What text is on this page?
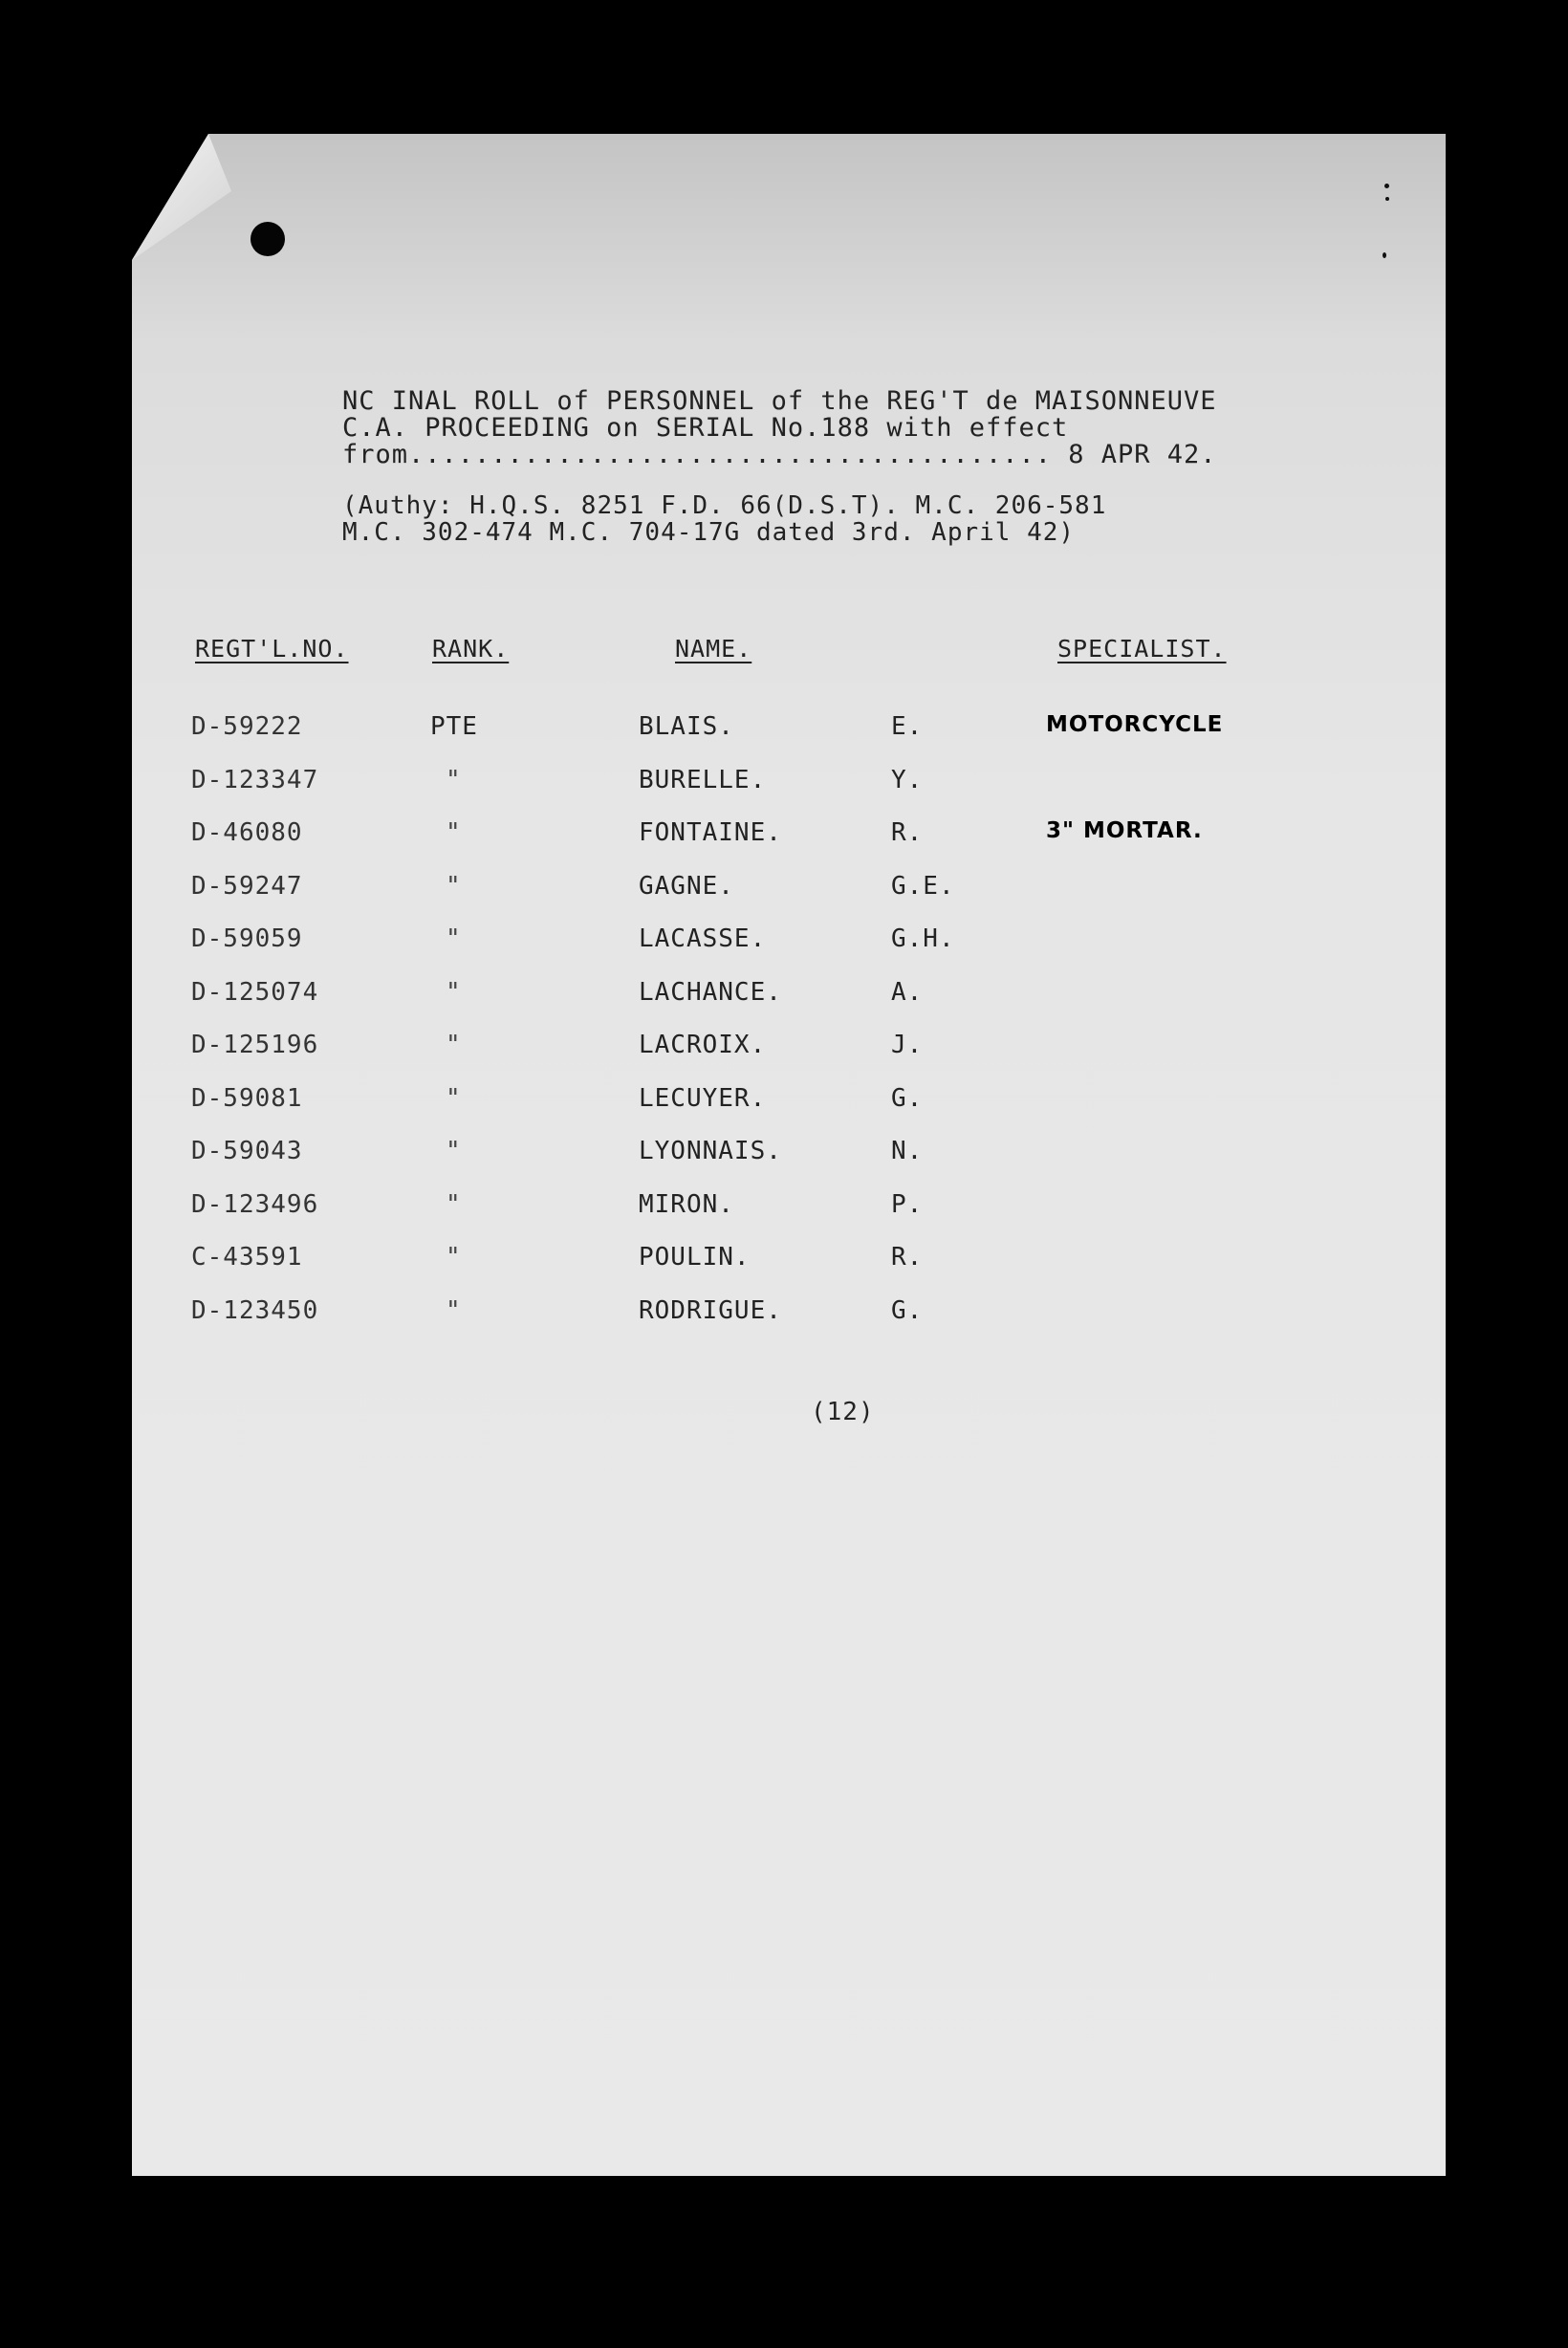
NC INAL ROLL of PERSONNEL of the REG'T de MAISONNEUVE
C.A. PROCEEDING on SERIAL No.188 with effect
from....................................... 8 APR 42.
(Authy: H.Q.S. 8251 F.D. 66(D.S.T). M.C. 206-581
M.C. 302-474 M.C. 704-17G dated 3rd. April 42)
REGT'L.NO.	RANK.	NAME.	SPECIALIST.
D-59222	PTE	BLAIS.	E.	MOTORCYCLE
D-123347	"	BURELLE.	Y.
D-46080	"	FONTAINE.	R.	3" MORTAR.
D-59247	"	GAGNE.	G.E.
D-59059	"	LACASSE.	G.H.
D-125074	"	LACHANCE.	A.
D-125196	"	LACROIX.	J.
D-59081	"	LECUYER.	G.
D-59043	"	LYONNAIS.	N.
D-123496	"	MIRON.	P.
C-43591	"	POULIN.	R.
D-123450	"	RODRIGUE.	G.
(12)
